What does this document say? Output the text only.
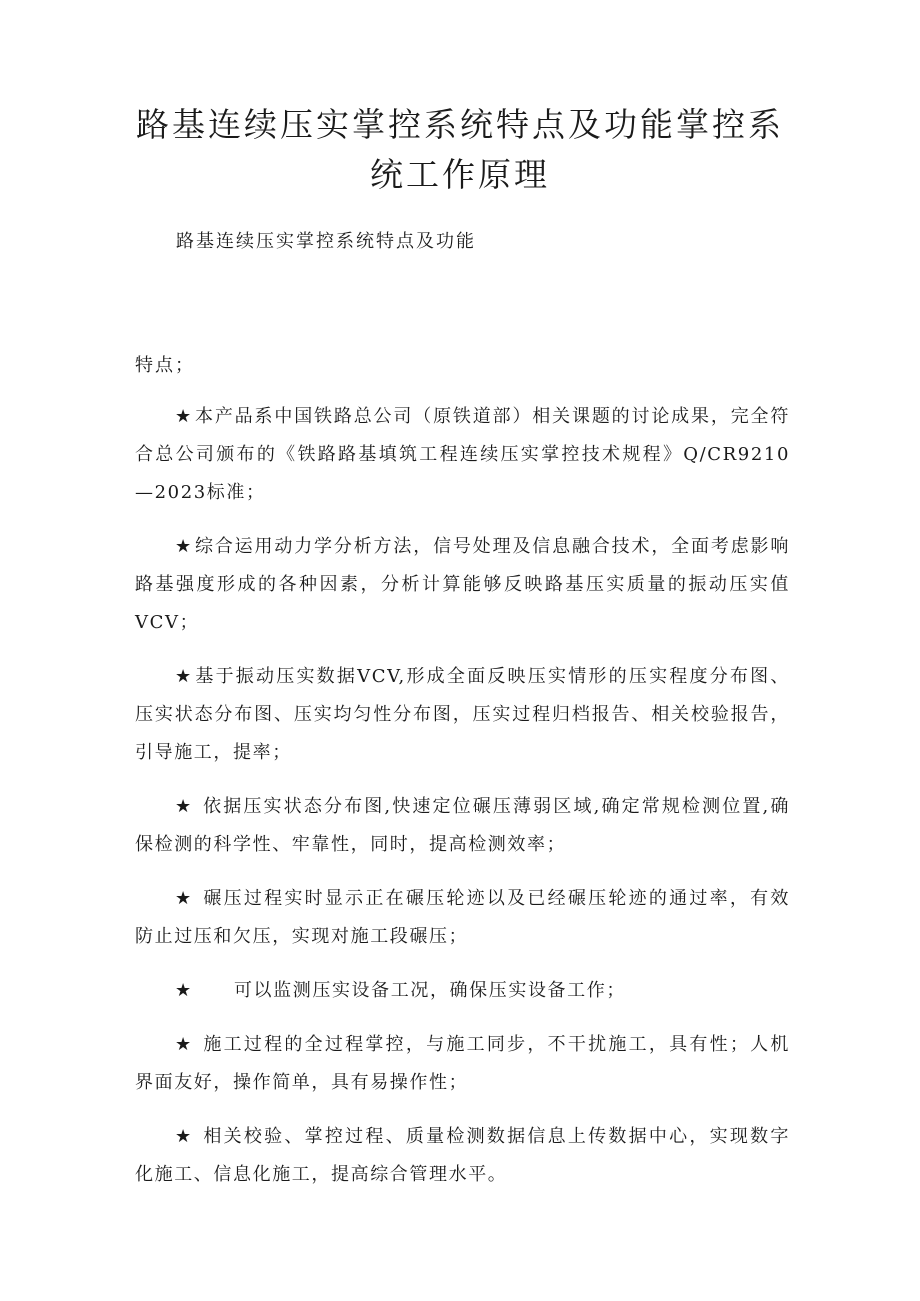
路基连续压实掌控系统特点及功能掌控系统工作原理
路基连续压实掌控系统特点及功能
特点；
★ 本产品系中国铁路总公司（原铁道部）相关课题的讨论成果，完全符合总公司颁布的《铁路路基填筑工程连续压实掌控技术规程》Q/CR9210—2023标准；
★ 综合运用动力学分析方法，信号处理及信息融合技术，全面考虑影响路基强度形成的各种因素，分析计算能够反映路基压实质量的振动压实值VCV；
★ 基于振动压实数据VCV,形成全面反映压实情形的压实程度分布图、压实状态分布图、压实均匀性分布图，压实过程归档报告、相关校验报告，引导施工，提率；
★ 依据压实状态分布图,快速定位碾压薄弱区域,确定常规检测位置,确保检测的科学性、牢靠性，同时，提高检测效率；
★ 碾压过程实时显示正在碾压轮迹以及已经碾压轮迹的通过率，有效防止过压和欠压，实现对施工段碾压；
★　　可以监测压实设备工况，确保压实设备工作；
★ 施工过程的全过程掌控，与施工同步，不干扰施工，具有性；人机界面友好，操作简单，具有易操作性；
★ 相关校验、掌控过程、质量检测数据信息上传数据中心，实现数字化施工、信息化施工，提高综合管理水平。
